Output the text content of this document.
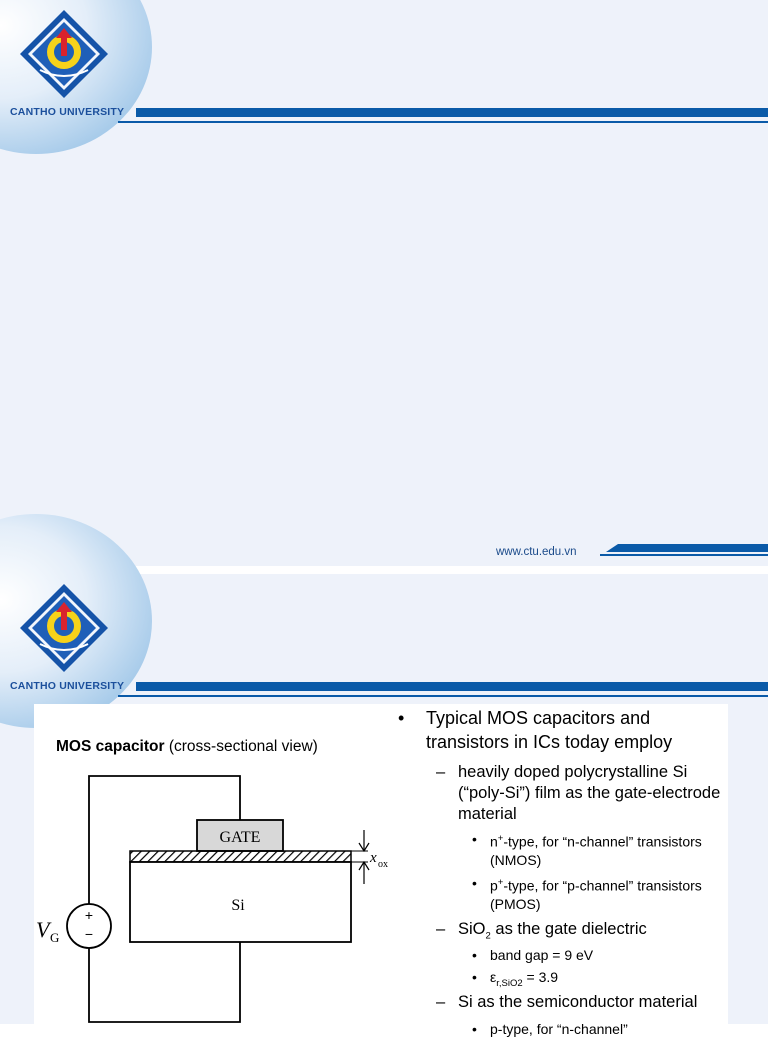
CANTHO UNIVERSITY
www.ctu.edu.vn
CANTHO UNIVERSITY
MOS capacitor (cross-sectional view)
GATE
Si
+
−
V G
x ox
• Typical MOS capacitors and transistors in ICs today employ
– heavily doped polycrystalline Si (“poly-Si”) film as the gate-electrode material
• n+-type, for “n-channel” transistors (NMOS)
• p+-type, for “p-channel” transistors (PMOS)
– SiO$_2$ as the gate dielectric
• band gap = 9 eV
• $\varepsilon_{r,SiO2} = 3.9$
– Si as the semiconductor material
• p-type, for “n-channel”
